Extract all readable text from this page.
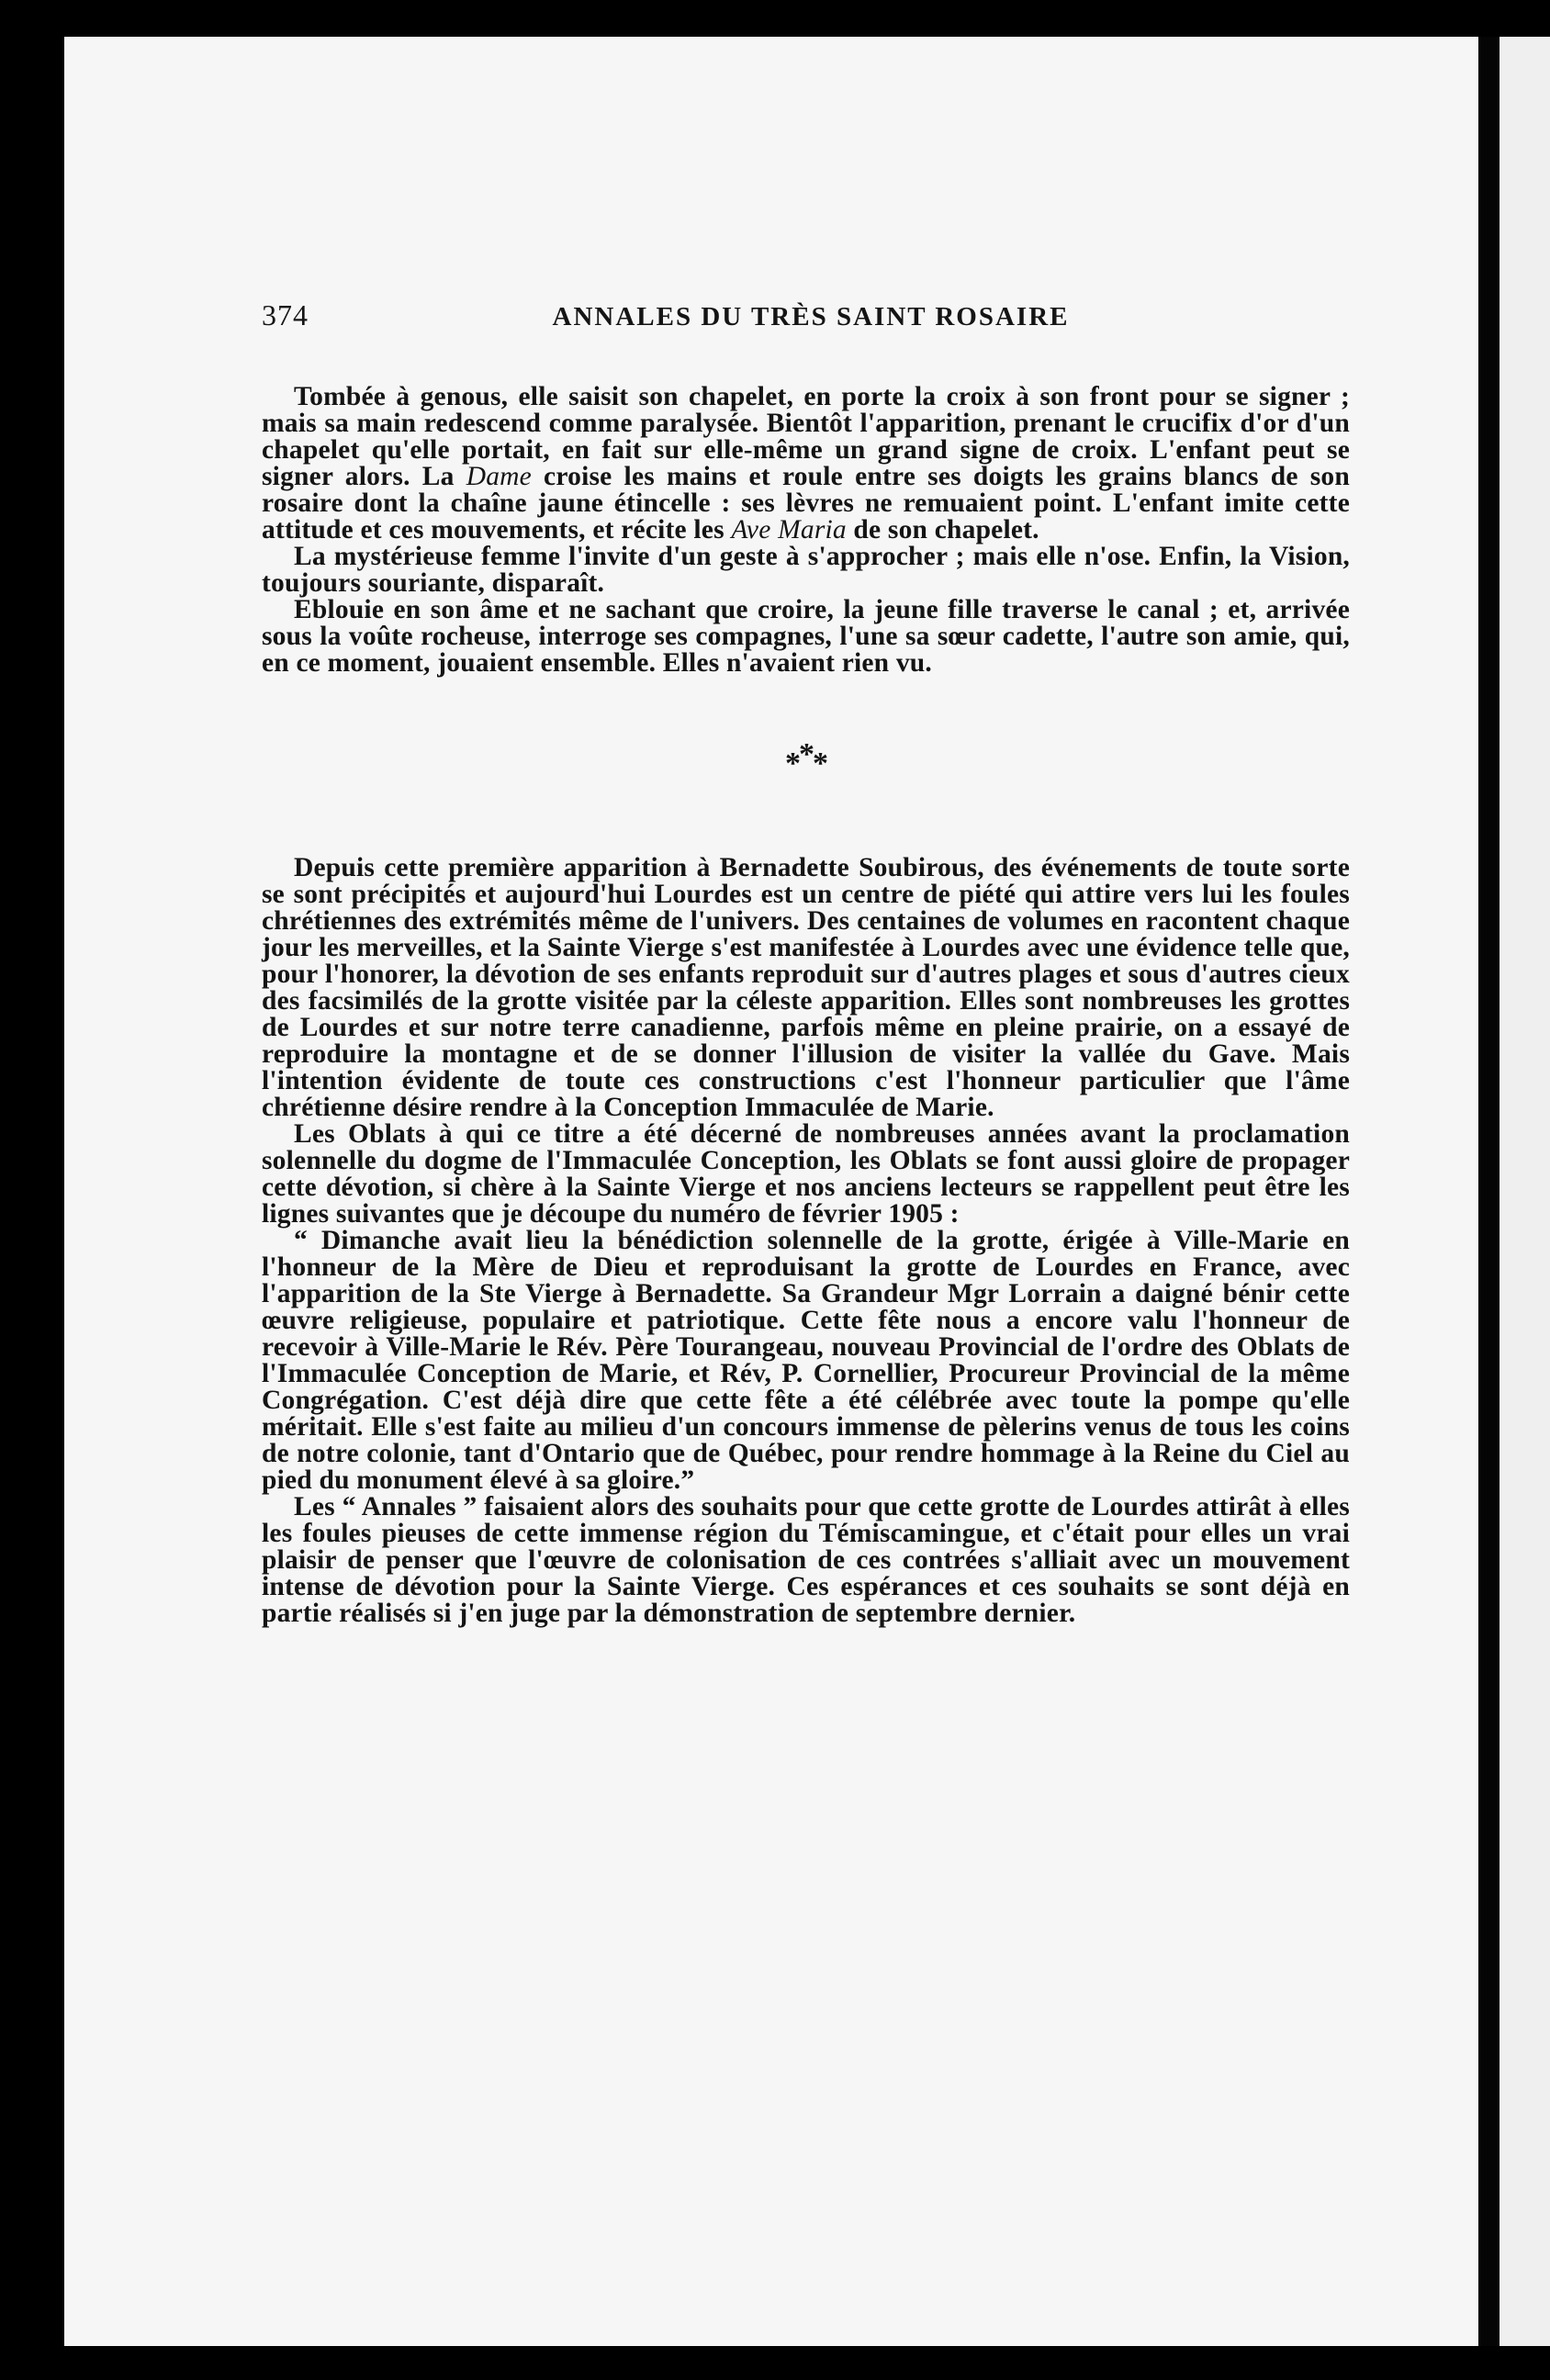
374	ANNALES DU TRÈS SAINT ROSAIRE

Tombée à genous, elle saisit son chapelet, en porte la croix à son front pour se signer ; mais sa main redescend comme paralysée. Bientôt l'apparition, prenant le crucifix d'or d'un chapelet qu'elle portait, en fait sur elle-même un grand signe de croix. L'enfant peut se signer alors. La Dame croise les mains et roule entre ses doigts les grains blancs de son rosaire dont la chaîne jaune étincelle : ses lèvres ne remuaient point. L'enfant imite cette attitude et ces mouvements, et récite les Ave Maria de son chapelet.

La mystérieuse femme l'invite d'un geste à s'approcher ; mais elle n'ose. Enfin, la Vision, toujours souriante, disparaît.

Eblouie en son âme et ne sachant que croire, la jeune fille traverse le canal ; et, arrivée sous la voûte rocheuse, interroge ses compagnes, l'une sa sœur cadette, l'autre son amie, qui, en ce moment, jouaient ensemble. Elles n'avaient rien vu.

***

Depuis cette première apparition à Bernadette Soubirous, des événements de toute sorte se sont précipités et aujourd'hui Lourdes est un centre de piété qui attire vers lui les foules chrétiennes des extrémités même de l'univers. Des centaines de volumes en racontent chaque jour les merveilles, et la Sainte Vierge s'est manifestée à Lourdes avec une évidence telle que, pour l'honorer, la dévotion de ses enfants reproduit sur d'autres plages et sous d'autres cieux des facsimilés de la grotte visitée par la céleste apparition. Elles sont nombreuses les grottes de Lourdes et sur notre terre canadienne, parfois même en pleine prairie, on a essayé de reproduire la montagne et de se donner l'illusion de visiter la vallée du Gave. Mais l'intention évidente de toute ces constructions c'est l'honneur particulier que l'âme chrétienne désire rendre à la Conception Immaculée de Marie.

Les Oblats à qui ce titre a été décerné de nombreuses années avant la proclamation solennelle du dogme de l'Immaculée Conception, les Oblats se font aussi gloire de propager cette dévotion, si chère à la Sainte Vierge et nos anciens lecteurs se rappellent peut être les lignes suivantes que je découpe du numéro de février 1905 :

“ Dimanche avait lieu la bénédiction solennelle de la grotte, érigée à Ville-Marie en l'honneur de la Mère de Dieu et reproduisant la grotte de Lourdes en France, avec l'apparition de la Ste Vierge à Bernadette. Sa Grandeur Mgr Lorrain a daigné bénir cette œuvre religieuse, populaire et patriotique. Cette fête nous a encore valu l'honneur de recevoir à Ville-Marie le Rév. Père Tourangeau, nouveau Provincial de l'ordre des Oblats de l'Immaculée Conception de Marie, et Rév, P. Cornellier, Procureur Provincial de la même Congrégation. C'est déjà dire que cette fête a été célébrée avec toute la pompe qu'elle méritait. Elle s'est faite au milieu d'un concours immense de pèlerins venus de tous les coins de notre colonie, tant d'Ontario que de Québec, pour rendre hommage à la Reine du Ciel au pied du monument élevé à sa gloire.”

Les “ Annales ” faisaient alors des souhaits pour que cette grotte de Lourdes attirât à elles les foules pieuses de cette immense région du Témiscamingue, et c'était pour elles un vrai plaisir de penser que l'œuvre de colonisation de ces contrées s'alliait avec un mouvement intense de dévotion pour la Sainte Vierge. Ces espérances et ces souhaits se sont déjà en partie réalisés si j'en juge par la démonstration de septembre dernier.
